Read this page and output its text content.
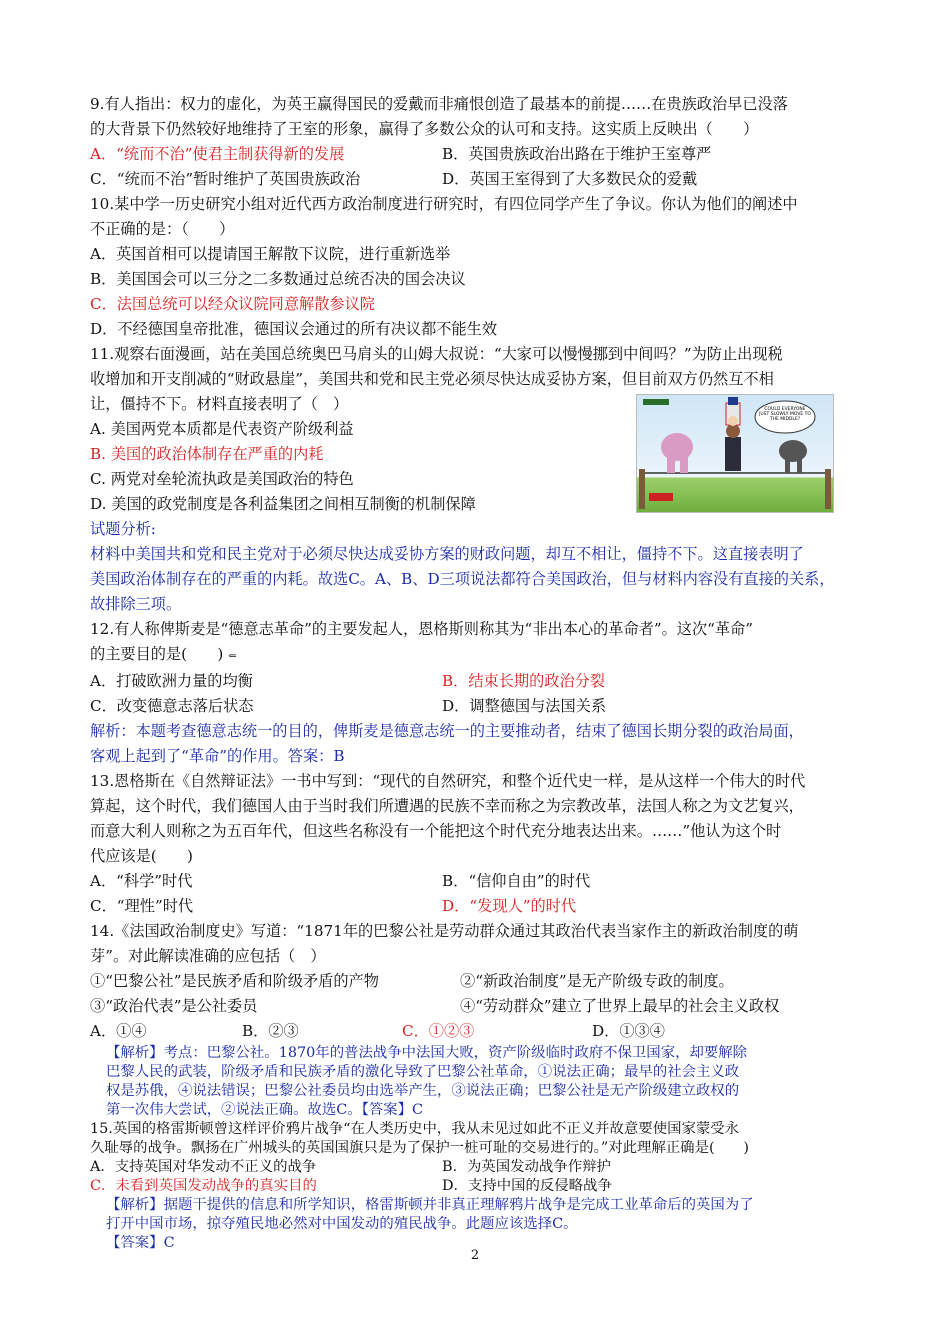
9.有人指出：权力的虚化，为英王赢得国民的爱戴而非痛恨创造了最基本的前提……在贵族政治早已没落
的大背景下仍然较好地维持了王室的形象，赢得了多数公众的认可和支持。这实质上反映出（　　）
A．“统而不治”使君主制获得新的发展	B．英国贵族政治出路在于维护王室尊严
C．“统而不治”暂时维护了英国贵族政治	D．英国王室得到了大多数民众的爱戴
10.某中学一历史研究小组对近代西方政治制度进行研究时，有四位同学产生了争议。你认为他们的阐述中
不正确的是：（　　）
A．英国首相可以提请国王解散下议院，进行重新选举
B．美国国会可以三分之二多数通过总统否决的国会决议
C．法国总统可以经众议院同意解散参议院
D．不经德国皇帝批准，德国议会通过的所有决议都不能生效
11.观察右面漫画，站在美国总统奥巴马肩头的山姆大叔说：“大家可以慢慢挪到中间吗？”为防止出现税
收增加和开支削减的“财政悬崖”，美国共和党和民主党必须尽快达成妥协方案，但目前双方仍然互不相
让，僵持不下。材料直接表明了（　）
A. 美国两党本质都是代表资产阶级利益
B. 美国的政治体制存在严重的内耗
C. 两党对垒轮流执政是美国政治的特色
D. 美国的政党制度是各利益集团之间相互制衡的机制保障
COULD EVERYONE JUST SLOWLY MOVE TO THE MIDDLE?
试题分析:
材料中美国共和党和民主党对于必须尽快达成妥协方案的财政问题，却互不相让，僵持不下。这直接表明了
美国政治体制存在的严重的内耗。故选C。A、B、D三项说法都符合美国政治，但与材料内容没有直接的关系，
故排除三项。
12.有人称俾斯麦是“德意志革命”的主要发起人，恩格斯则称其为“非出本心的革命者”。这次“革命”
的主要目的是(　　) ⇐
A．打破欧洲力量的均衡	B．结束长期的政治分裂
C．改变德意志落后状态	D．调整德国与法国关系
解析：本题考查德意志统一的目的，俾斯麦是德意志统一的主要推动者，结束了德国长期分裂的政治局面，
客观上起到了“革命”的作用。答案：B
13.恩格斯在《自然辩证法》一书中写到：“现代的自然研究，和整个近代史一样，是从这样一个伟大的时代
算起，这个时代，我们德国人由于当时我们所遭遇的民族不幸而称之为宗教改革，法国人称之为文艺复兴，
而意大利人则称之为五百年代，但这些名称没有一个能把这个时代充分地表达出来。……”他认为这个时
代应该是(　　)
A．“科学”时代	B．“信仰自由”的时代
C．“理性”时代	D．“发现人”的时代
14.《法国政治制度史》写道：“1871年的巴黎公社是劳动群众通过其政治代表当家作主的新政治制度的萌
芽”。对此解读准确的应包括（　）
①“巴黎公社”是民族矛盾和阶级矛盾的产物	②“新政治制度”是无产阶级专政的制度。
③“政治代表”是公社委员	④“劳动群众”建立了世界上最早的社会主义政权
A．①④	B．②③	C．①②③	D．①③④
【解析】考点：巴黎公社。1870年的普法战争中法国大败，资产阶级临时政府不保卫国家，却要解除
巴黎人民的武装，阶级矛盾和民族矛盾的激化导致了巴黎公社革命，①说法正确；最早的社会主义政
权是苏俄，④说法错误；巴黎公社委员均由选举产生，③说法正确；巴黎公社是无产阶级建立政权的
第一次伟大尝试，②说法正确。故选C。【答案】C
15.英国的格雷斯顿曾这样评价鸦片战争“在人类历史中，我从未见过如此不正义并故意要使国家蒙受永
久耻辱的战争。飘扬在广州城头的英国国旗只是为了保护一桩可耻的交易进行的。”对此理解正确是(　　)
A．支持英国对华发动不正义的战争	B．为英国发动战争作辩护
C．未看到英国发动战争的真实目的	D．支持中国的反侵略战争
【解析】据题干提供的信息和所学知识，格雷斯顿并非真正理解鸦片战争是完成工业革命后的英国为了
打开中国市场，掠夺殖民地必然对中国发动的殖民战争。此题应该选择C。
【答案】C
2
